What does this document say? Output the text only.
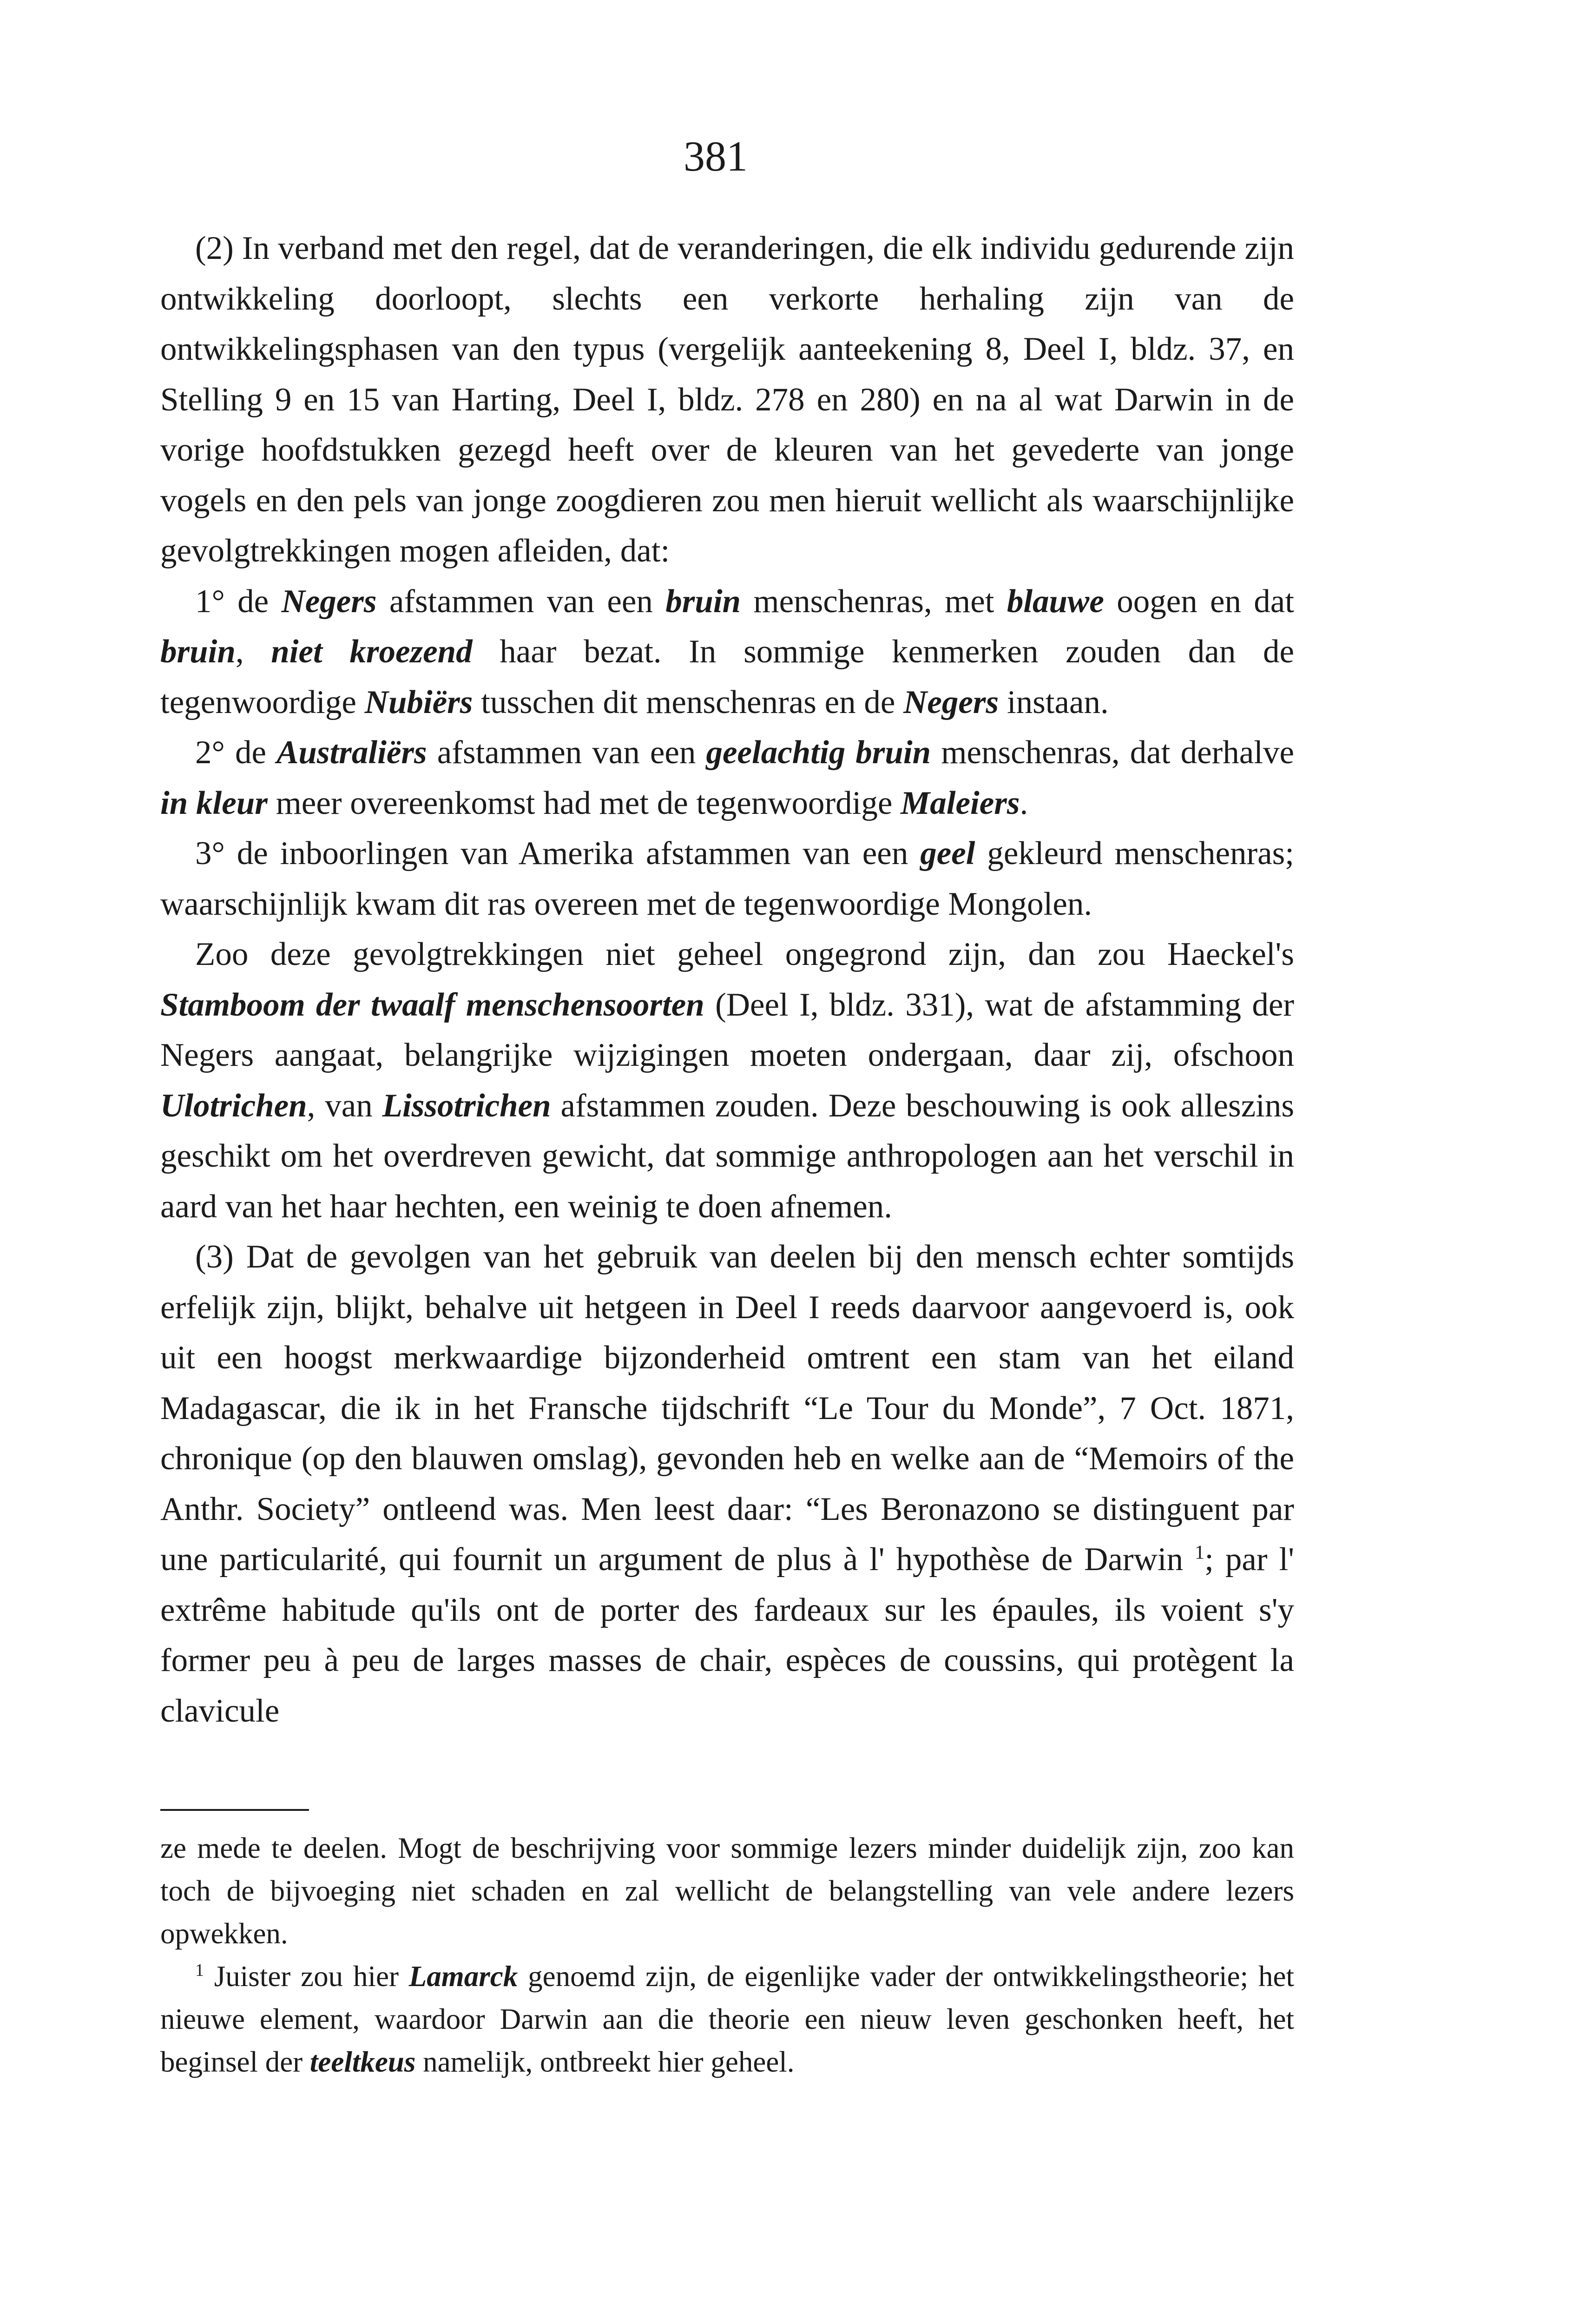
381

(2) In verband met den regel, dat de veranderingen, die elk individu gedurende zijn ontwikkeling doorloopt, slechts een verkorte herhaling zijn van de ontwikkelingsphasen van den typus (vergelijk aanteekening 8, Deel I, bldz. 37, en Stelling 9 en 15 van Harting, Deel I, bldz. 278 en 280) en na al wat Darwin in de vorige hoofdstukken gezegd heeft over de kleuren van het gevederte van jonge vogels en den pels van jonge zoogdieren zou men hieruit wellicht als waarschijnlijke gevolgtrekkingen mogen afleiden, dat:

1° de Negers afstammen van een bruin menschenras, met blauwe oogen en dat bruin, niet kroezend haar bezat. In sommige kenmerken zouden dan de tegenwoordige Nubiërs tusschen dit menschenras en de Negers instaan.

2° de Australiërs afstammen van een geelachtig bruin menschenras, dat derhalve in kleur meer overeenkomst had met de tegenwoordige Maleiers.

3° de inboorlingen van Amerika afstammen van een geel gekleurd menschenras; waarschijnlijk kwam dit ras overeen met de tegenwoordige Mongolen.

Zoo deze gevolgtrekkingen niet geheel ongegrond zijn, dan zou Haeckel's Stamboom der twaalf menschensoorten (Deel I, bldz. 331), wat de afstamming der Negers aangaat, belangrijke wijzigingen moeten ondergaan, daar zij, ofschoon Ulotrichen, van Lissotrichen afstammen zouden. Deze beschouwing is ook alleszins geschikt om het overdreven gewicht, dat sommige anthropologen aan het verschil in aard van het haar hechten, een weinig te doen afnemen.

(3) Dat de gevolgen van het gebruik van deelen bij den mensch echter somtijds erfelijk zijn, blijkt, behalve uit hetgeen in Deel I reeds daarvoor aangevoerd is, ook uit een hoogst merkwaardige bijzonderheid omtrent een stam van het eiland Madagascar, die ik in het Fransche tijdschrift “Le Tour du Monde”, 7 Oct. 1871, chronique (op den blauwen omslag), gevonden heb en welke aan de “Memoirs of the Anthr. Society” ontleend was. Men leest daar: “Les Beronazono se distinguent par une particularité, qui fournit un argument de plus à l' hypothèse de Darwin $^1$; par l' extrême habitude qu'ils ont de porter des fardeaux sur les épaules, ils voient s'y former peu à peu de larges masses de chair, espèces de coussins, qui protègent la clavicule

ze mede te deelen. Mogt de beschrijving voor sommige lezers minder duidelijk zijn, zoo kan toch de bijvoeging niet schaden en zal wellicht de belangstelling van vele andere lezers opwekken.

$^1$ Juister zou hier Lamarck genoemd zijn, de eigenlijke vader der ontwikkelingstheorie; het nieuwe element, waardoor Darwin aan die theorie een nieuw leven geschonken heeft, het beginsel der teeltkeus namelijk, ontbreekt hier geheel.
